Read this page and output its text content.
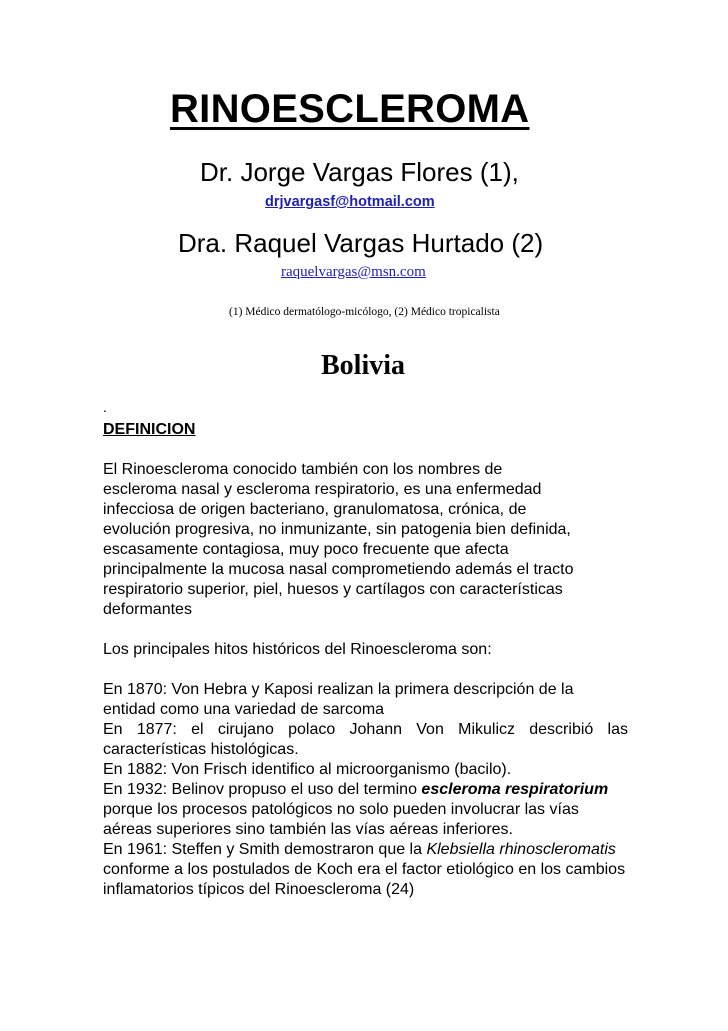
RINOESCLEROMA
Dr. Jorge Vargas Flores (1),
drjvargasf@hotmail.com
Dra. Raquel Vargas Hurtado (2)
raquelvargas@msn.com
(1) Médico dermatólogo-micólogo, (2) Médico tropicalista
Bolivia
.
DEFINICION
El Rinoescleroma conocido también con los nombres de
escleroma nasal y escleroma respiratorio, es una enfermedad
infecciosa de origen bacteriano, granulomatosa, crónica, de
evolución progresiva, no inmunizante, sin patogenia bien definida,
escasamente contagiosa, muy poco frecuente que afecta
principalmente la mucosa nasal comprometiendo además el tracto
respiratorio superior, piel, huesos y cartílagos con características
deformantes
Los principales hitos históricos del Rinoescleroma son:
En 1870: Von Hebra y Kaposi realizan la primera descripción de la entidad como una variedad de sarcoma
En 1877: el cirujano polaco Johann Von Mikulicz describió las características histológicas.
En 1882: Von Frisch identifico al microorganismo (bacilo).
En 1932: Belinov propuso el uso del termino escleroma respiratorium porque los procesos patológicos no solo pueden involucrar las vías aéreas superiores sino también las vías aéreas inferiores.
En 1961: Steffen y Smith demostraron que la Klebsiella rhinoscleromatis conforme a los postulados de Koch era el factor etiológico en los cambios inflamatorios típicos del Rinoescleroma (24)
